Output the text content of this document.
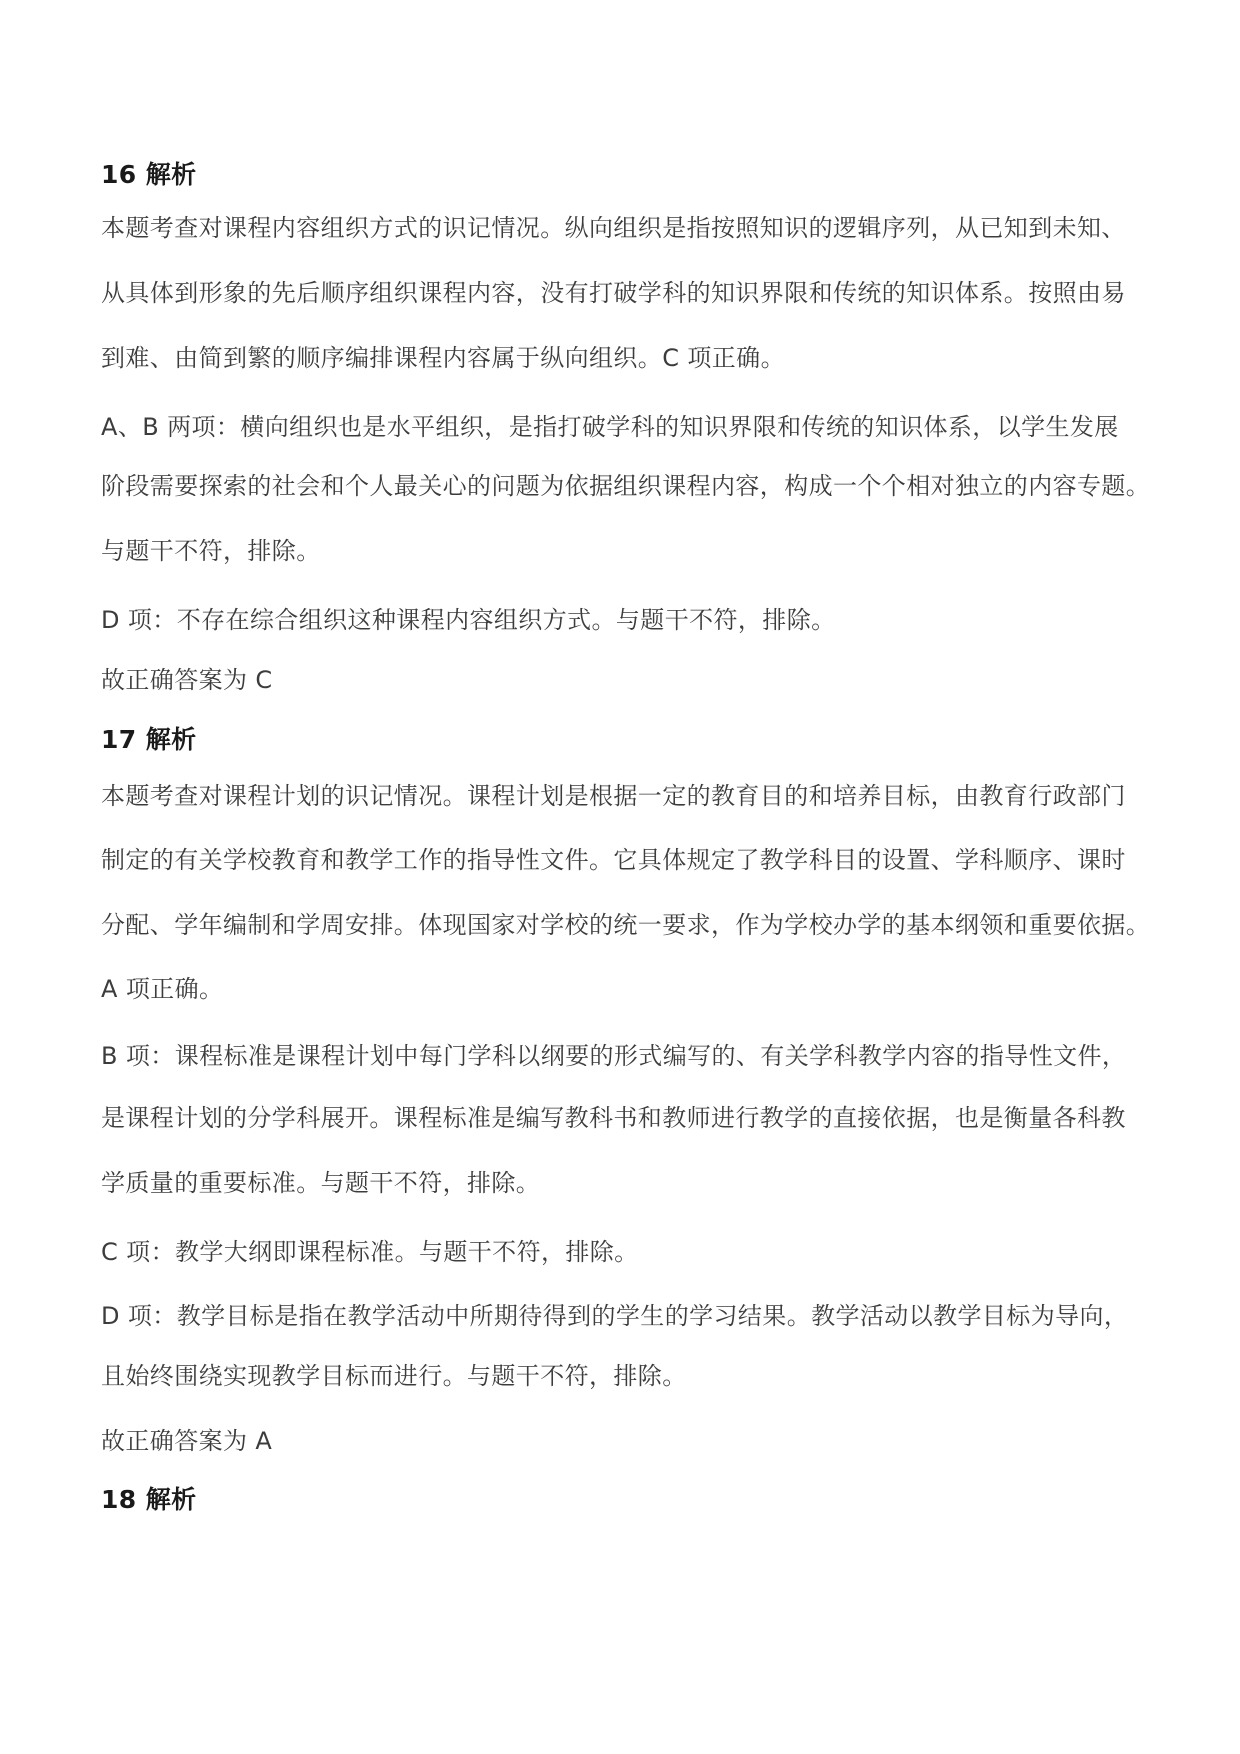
16 解析
本题考查对课程内容组织方式的识记情况。纵向组织是指按照知识的逻辑序列，从已知到未知、
从具体到形象的先后顺序组织课程内容，没有打破学科的知识界限和传统的知识体系。按照由易
到难、由简到繁的顺序编排课程内容属于纵向组织。C 项正确。
A、B 两项：横向组织也是水平组织，是指打破学科的知识界限和传统的知识体系，以学生发展
阶段需要探索的社会和个人最关心的问题为依据组织课程内容，构成一个个相对独立的内容专题。
与题干不符，排除。
D 项：不存在综合组织这种课程内容组织方式。与题干不符，排除。
故正确答案为 C
17 解析
本题考查对课程计划的识记情况。课程计划是根据一定的教育目的和培养目标，由教育行政部门
制定的有关学校教育和教学工作的指导性文件。它具体规定了教学科目的设置、学科顺序、课时
分配、学年编制和学周安排。体现国家对学校的统一要求，作为学校办学的基本纲领和重要依据。
A 项正确。
B 项：课程标准是课程计划中每门学科以纲要的形式编写的、有关学科教学内容的指导性文件，
是课程计划的分学科展开。课程标准是编写教科书和教师进行教学的直接依据，也是衡量各科教
学质量的重要标准。与题干不符，排除。
C 项：教学大纲即课程标准。与题干不符，排除。
D 项：教学目标是指在教学活动中所期待得到的学生的学习结果。教学活动以教学目标为导向，
且始终围绕实现教学目标而进行。与题干不符，排除。
故正确答案为 A
18 解析
